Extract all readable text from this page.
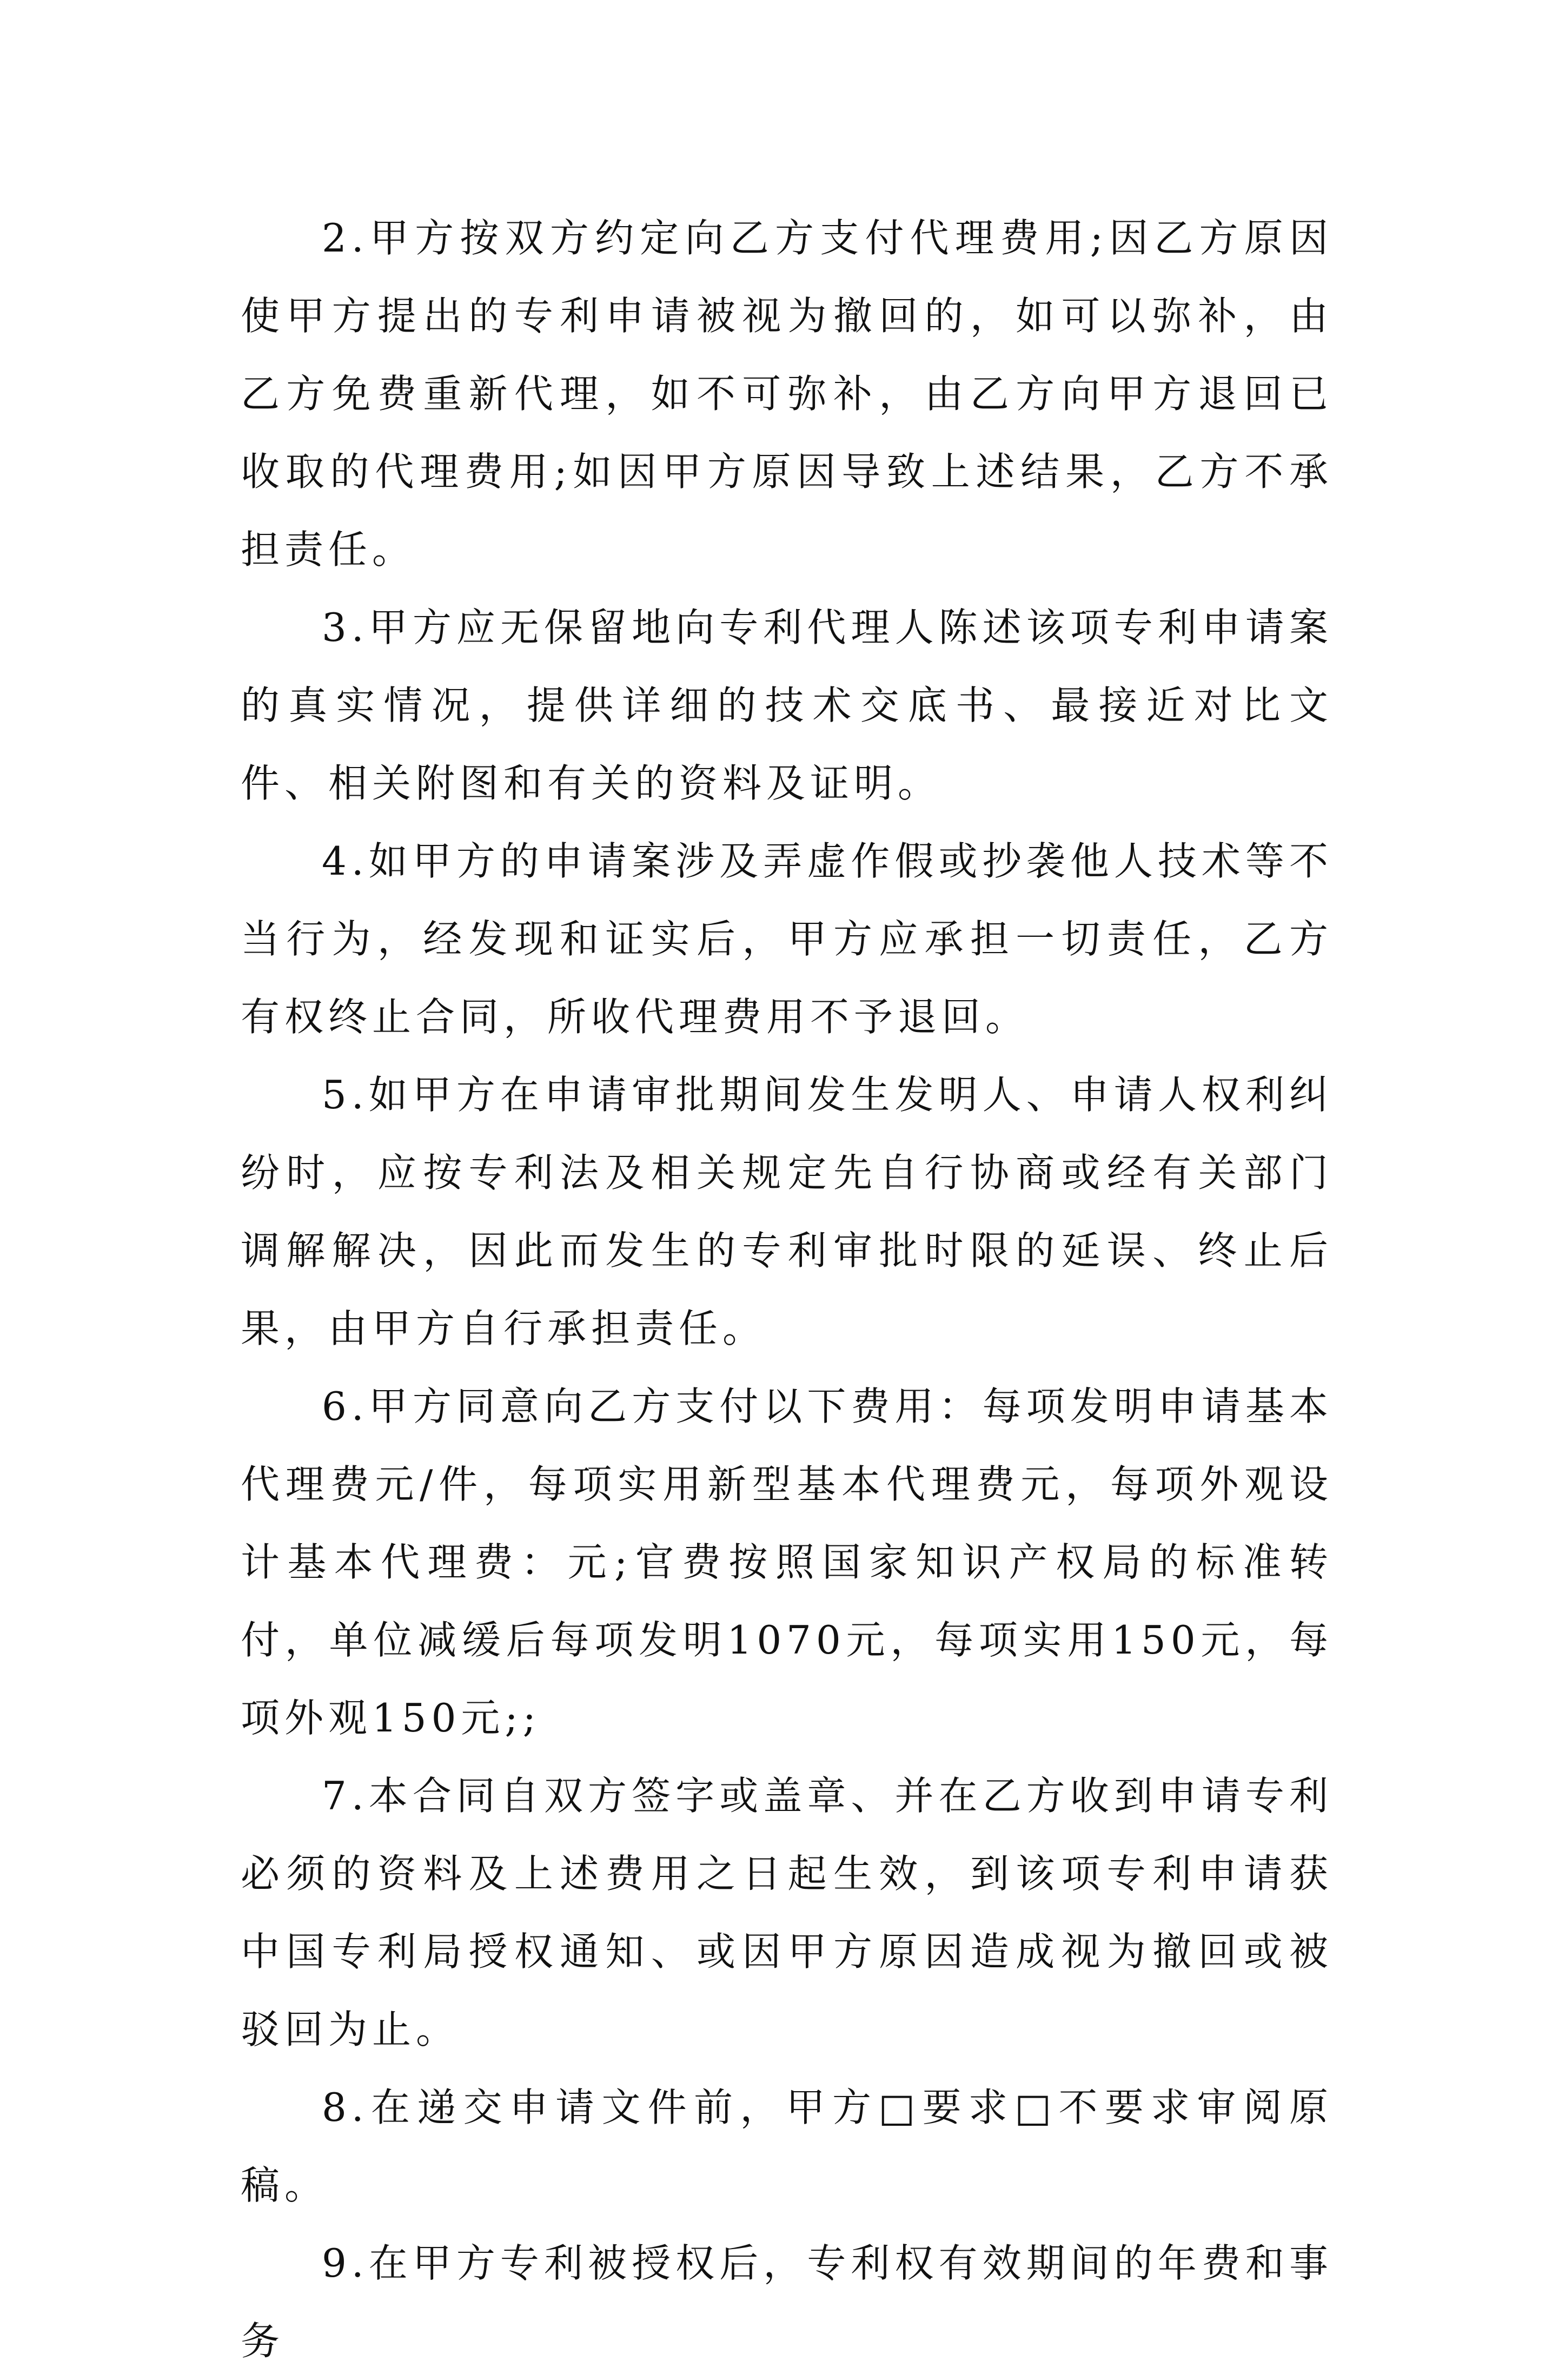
2.甲方按双方约定向乙方支付代理费用;因乙方原因使甲方提出的专利申请被视为撤回的，如可以弥补，由乙方免费重新代理，如不可弥补，由乙方向甲方退回已收取的代理费用;如因甲方原因导致上述结果，乙方不承担责任。

3.甲方应无保留地向专利代理人陈述该项专利申请案的真实情况，提供详细的技术交底书、最接近对比文件、相关附图和有关的资料及证明。

4.如甲方的申请案涉及弄虚作假或抄袭他人技术等不当行为，经发现和证实后，甲方应承担一切责任，乙方有权终止合同，所收代理费用不予退回。

5.如甲方在申请审批期间发生发明人、申请人权利纠纷时，应按专利法及相关规定先自行协商或经有关部门调解解决，因此而发生的专利审批时限的延误、终止后果，由甲方自行承担责任。

6.甲方同意向乙方支付以下费用：每项发明申请基本代理费元/件，每项实用新型基本代理费元，每项外观设计基本代理费：元;官费按照国家知识产权局的标准转付，单位减缓后每项发明1070元，每项实用150元，每项外观150元;;

7.本合同自双方签字或盖章、并在乙方收到申请专利必须的资料及上述费用之日起生效，到该项专利申请获中国专利局授权通知、或因甲方原因造成视为撤回或被驳回为止。

8.在递交申请文件前，甲方□要求□不要求审阅原稿。

9.在甲方专利被授权后，专利权有效期间的年费和事务
